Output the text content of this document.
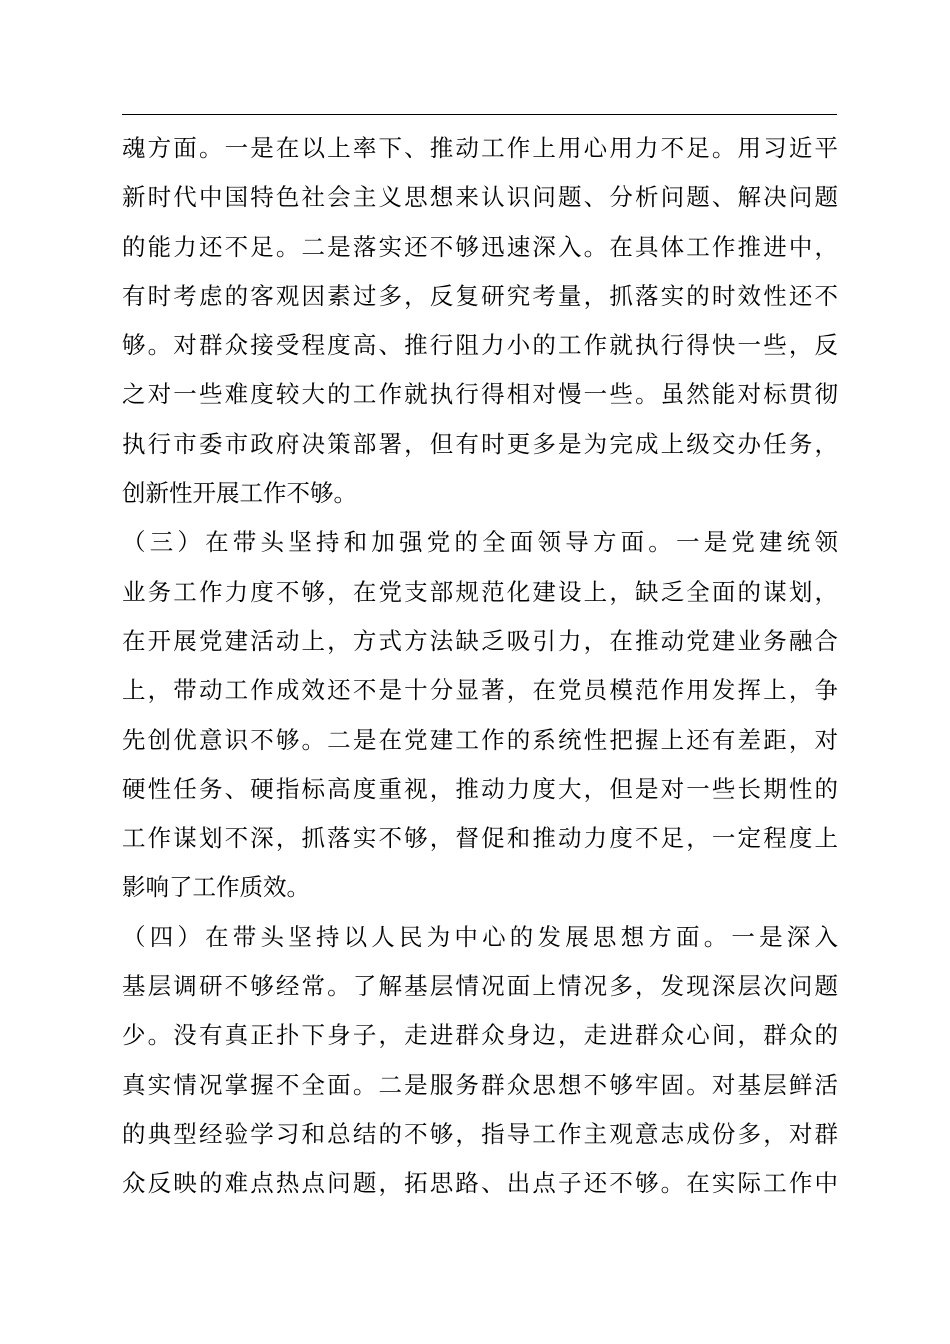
魂方面。一是在以上率下、推动工作上用心用力不足。用习近平
新时代中国特色社会主义思想来认识问题、分析问题、解决问题
的能力还不足。二是落实还不够迅速深入。在具体工作推进中，
有时考虑的客观因素过多，反复研究考量，抓落实的时效性还不
够。对群众接受程度高、推行阻力小的工作就执行得快一些，反
之对一些难度较大的工作就执行得相对慢一些。虽然能对标贯彻
执行市委市政府决策部署，但有时更多是为完成上级交办任务，
创新性开展工作不够。
（三）在带头坚持和加强党的全面领导方面。一是党建统领
业务工作力度不够，在党支部规范化建设上，缺乏全面的谋划，
在开展党建活动上，方式方法缺乏吸引力，在推动党建业务融合
上，带动工作成效还不是十分显著，在党员模范作用发挥上，争
先创优意识不够。二是在党建工作的系统性把握上还有差距，对
硬性任务、硬指标高度重视，推动力度大，但是对一些长期性的
工作谋划不深，抓落实不够，督促和推动力度不足，一定程度上
影响了工作质效。
（四）在带头坚持以人民为中心的发展思想方面。一是深入
基层调研不够经常。了解基层情况面上情况多，发现深层次问题
少。没有真正扑下身子，走进群众身边，走进群众心间，群众的
真实情况掌握不全面。二是服务群众思想不够牢固。对基层鲜活
的典型经验学习和总结的不够，指导工作主观意志成份多，对群
众反映的难点热点问题，拓思路、出点子还不够。在实际工作中
